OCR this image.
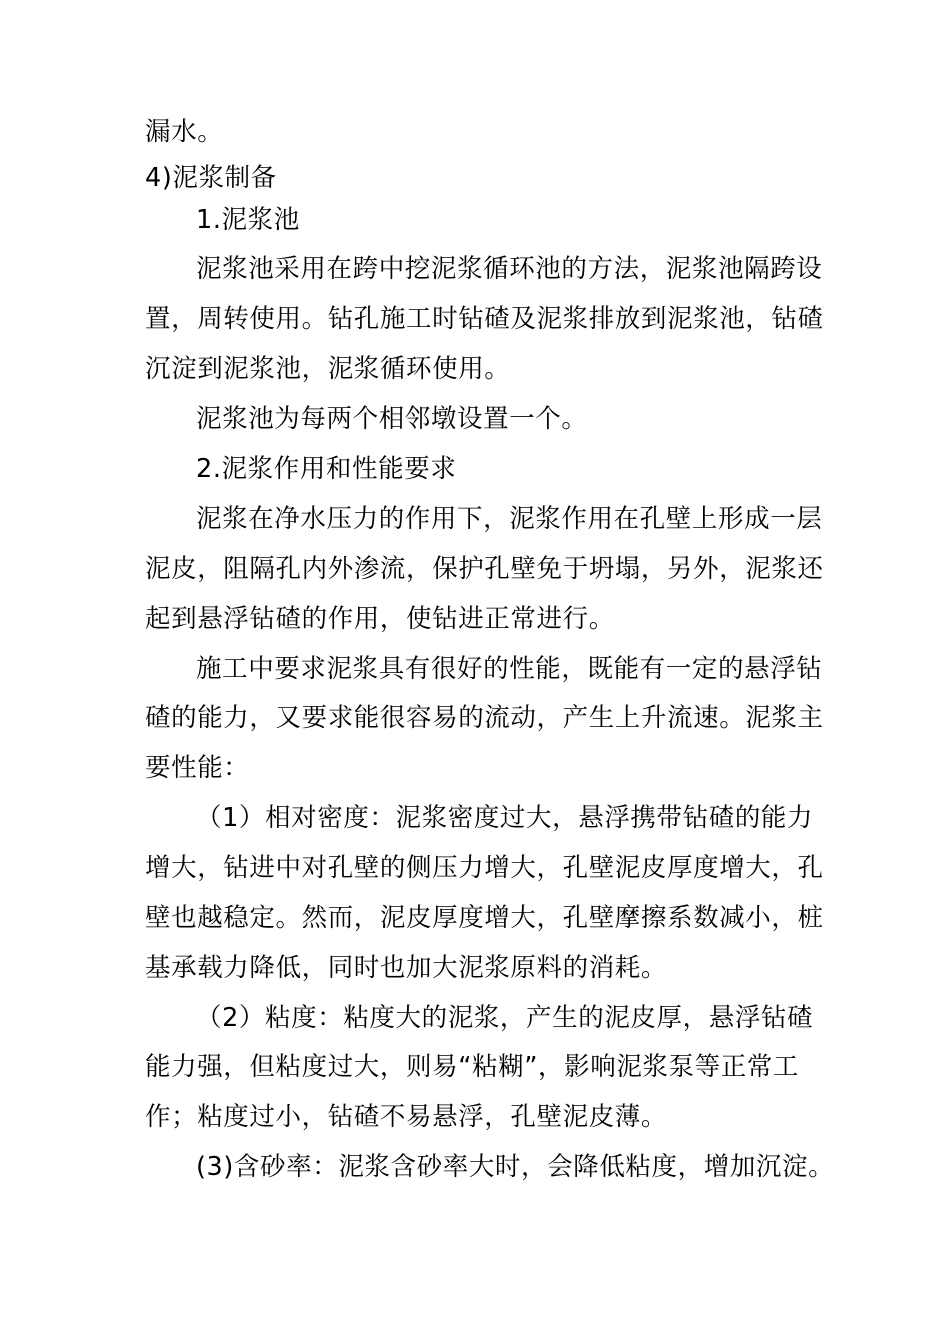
漏水。
4)泥浆制备
1.泥浆池
泥浆池采用在跨中挖泥浆循环池的方法，泥浆池隔跨设
置，周转使用。钻孔施工时钻碴及泥浆排放到泥浆池，钻碴
沉淀到泥浆池，泥浆循环使用。
泥浆池为每两个相邻墩设置一个。
2.泥浆作用和性能要求
泥浆在净水压力的作用下，泥浆作用在孔壁上形成一层
泥皮，阻隔孔内外渗流，保护孔壁免于坍塌，另外，泥浆还
起到悬浮钻碴的作用，使钻进正常进行。
施工中要求泥浆具有很好的性能，既能有一定的悬浮钻
碴的能力，又要求能很容易的流动，产生上升流速。泥浆主
要性能：
（1）相对密度：泥浆密度过大，悬浮携带钻碴的能力
增大，钻进中对孔壁的侧压力增大，孔壁泥皮厚度增大，孔
壁也越稳定。然而，泥皮厚度增大，孔壁摩擦系数减小，桩
基承载力降低，同时也加大泥浆原料的消耗。
（2）粘度：粘度大的泥浆，产生的泥皮厚，悬浮钻碴
能力强，但粘度过大，则易“粘糊”，影响泥浆泵等正常工
作；粘度过小，钻碴不易悬浮，孔壁泥皮薄。
(3)含砂率：泥浆含砂率大时，会降低粘度，增加沉淀。
